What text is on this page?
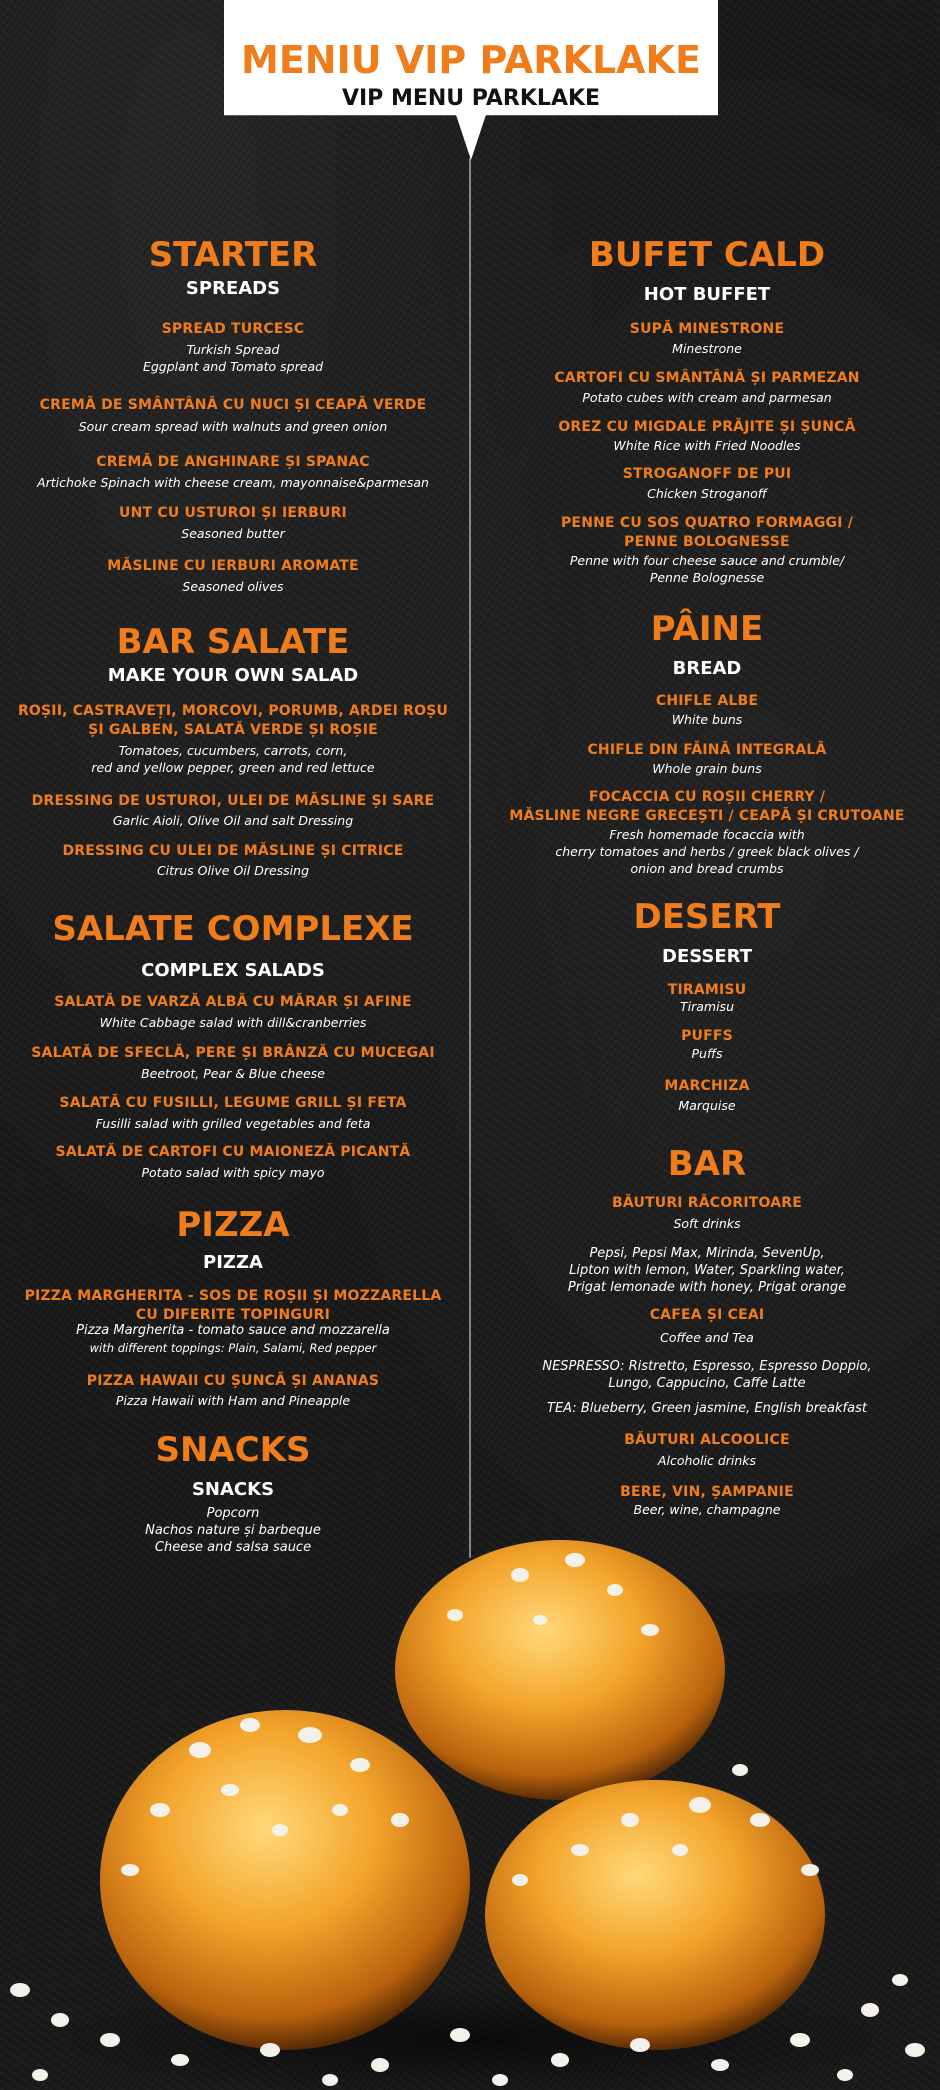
MENIU VIP PARKLAKE
VIP MENU PARKLAKE
STARTER
SPREADS
SPREAD TURCESC
Turkish Spread
Eggplant and Tomato spread
CREMĂ DE SMÂNTÂNĂ CU NUCI ȘI CEAPĂ VERDE
Sour cream spread with walnuts and green onion
CREMĂ DE ANGHINARE ȘI SPANAC
Artichoke Spinach with cheese cream, mayonnaise&parmesan
UNT CU USTUROI ȘI IERBURI
Seasoned butter
MĂSLINE CU IERBURI AROMATE
Seasoned olives
BAR SALATE
MAKE YOUR OWN SALAD
ROȘII, CASTRAVEȚI, MORCOVI, PORUMB, ARDEI ROȘU
ȘI GALBEN, SALATĂ VERDE ȘI ROȘIE
Tomatoes, cucumbers, carrots, corn,
red and yellow pepper, green and red lettuce
DRESSING DE USTUROI, ULEI DE MĂSLINE ȘI SARE
Garlic Aioli, Olive Oil and salt Dressing
DRESSING CU ULEI DE MĂSLINE ȘI CITRICE
Citrus Olive Oil Dressing
SALATE COMPLEXE
COMPLEX SALADS
SALATĂ DE VARZĂ ALBĂ CU MĂRAR ȘI AFINE
White Cabbage salad with dill&cranberries
SALATĂ DE SFECLĂ, PERE ȘI BRÂNZĂ CU MUCEGAI
Beetroot, Pear & Blue cheese
SALATĂ CU FUSILLI, LEGUME GRILL ȘI FETA
Fusilli salad with grilled vegetables and feta
SALATĂ DE CARTOFI CU MAIONEZĂ PICANTĂ
Potato salad with spicy mayo
PIZZA
PIZZA
PIZZA MARGHERITA - SOS DE ROȘII ȘI MOZZARELLA
CU DIFERITE TOPINGURI
Pizza Margherita - tomato sauce and mozzarella
with different toppings: Plain, Salami, Red pepper
PIZZA HAWAII CU ȘUNCĂ ȘI ANANAS
Pizza Hawaii with Ham and Pineapple
SNACKS
SNACKS
Popcorn
Nachos nature și barbeque
Cheese and salsa sauce
BUFET CALD
HOT BUFFET
SUPĂ MINESTRONE
Minestrone
CARTOFI CU SMÂNTÂNĂ ȘI PARMEZAN
Potato cubes with cream and parmesan
OREZ CU MIGDALE PRĂJITE ȘI ȘUNCĂ
White Rice with Fried Noodles
STROGANOFF DE PUI
Chicken Stroganoff
PENNE CU SOS QUATRO FORMAGGI /
PENNE BOLOGNESSE
Penne with four cheese sauce and crumble/
Penne Bolognesse
PÂINE
BREAD
CHIFLE ALBE
White buns
CHIFLE DIN FĂINĂ INTEGRALĂ
Whole grain buns
FOCACCIA CU ROȘII CHERRY /
MĂSLINE NEGRE GRECEȘTI / CEAPĂ ȘI CRUTOANE
Fresh homemade focaccia with
cherry tomatoes and herbs / greek black olives /
onion and bread crumbs
DESERT
DESSERT
TIRAMISU
Tiramisu
PUFFS
Puffs
MARCHIZA
Marquise
BAR
BĂUTURI RĂCORITOARE
Soft drinks
Pepsi, Pepsi Max, Mirinda, SevenUp,
Lipton with lemon, Water, Sparkling water,
Prigat lemonade with honey, Prigat orange
CAFEA ȘI CEAI
Coffee and Tea
NESPRESSO: Ristretto, Espresso, Espresso Doppio,
Lungo, Cappucino, Caffe Latte
TEA: Blueberry, Green jasmine, English breakfast
BĂUTURI ALCOOLICE
Alcoholic drinks
BERE, VIN, ȘAMPANIE
Beer, wine, champagne
